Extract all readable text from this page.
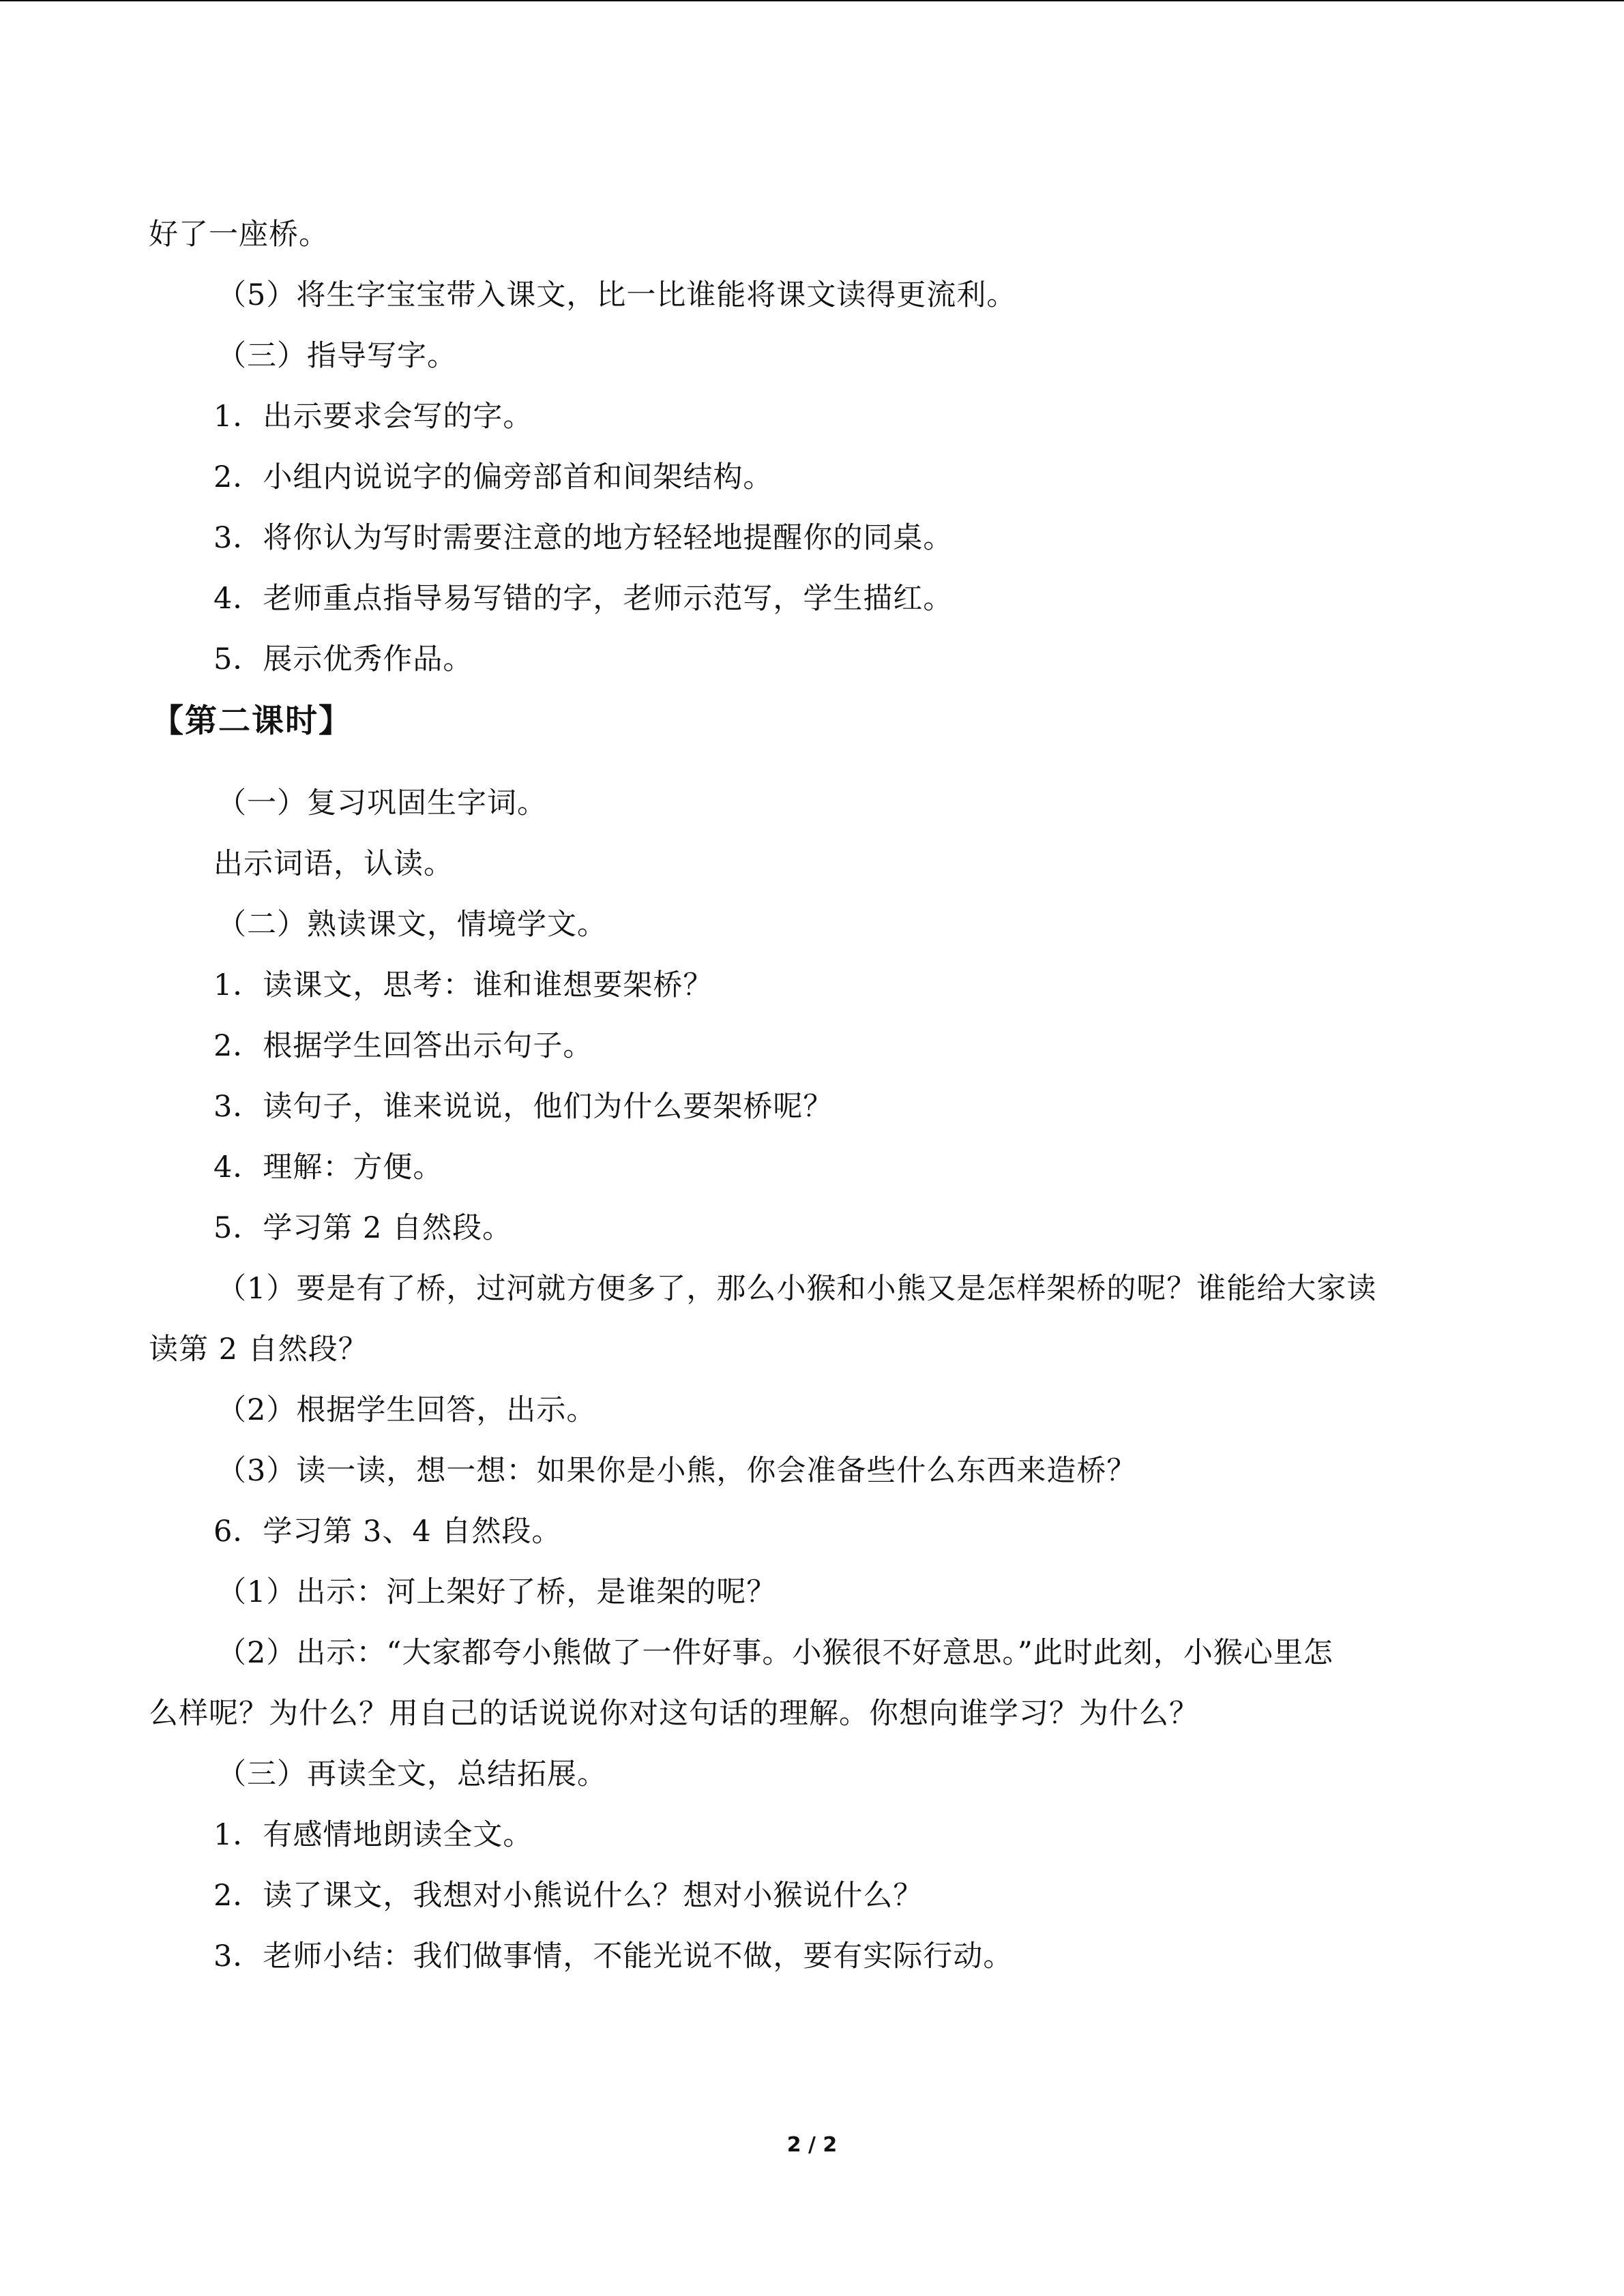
好了一座桥。
（5）将生字宝宝带入课文，比一比谁能将课文读得更流利。
（三）指导写字。
1．出示要求会写的字。
2．小组内说说字的偏旁部首和间架结构。
3．将你认为写时需要注意的地方轻轻地提醒你的同桌。
4．老师重点指导易写错的字，老师示范写，学生描红。
5．展示优秀作品。
【第二课时】
（一）复习巩固生字词。
出示词语，认读。
（二）熟读课文，情境学文。
1．读课文，思考：谁和谁想要架桥？
2．根据学生回答出示句子。
3．读句子，谁来说说，他们为什么要架桥呢？
4．理解：方便。
5．学习第 2 自然段。
（1）要是有了桥，过河就方便多了，那么小猴和小熊又是怎样架桥的呢？谁能给大家读
读第 2 自然段？
（2）根据学生回答，出示。
（3）读一读，想一想：如果你是小熊，你会准备些什么东西来造桥？
6．学习第 3、4 自然段。
（1）出示：河上架好了桥，是谁架的呢？
（2）出示：“大家都夸小熊做了一件好事。小猴很不好意思。”此时此刻，小猴心里怎
么样呢？为什么？用自己的话说说你对这句话的理解。你想向谁学习？为什么？
（三）再读全文，总结拓展。
1．有感情地朗读全文。
2．读了课文，我想对小熊说什么？想对小猴说什么？
3．老师小结：我们做事情，不能光说不做，要有实际行动。
2 / 2
